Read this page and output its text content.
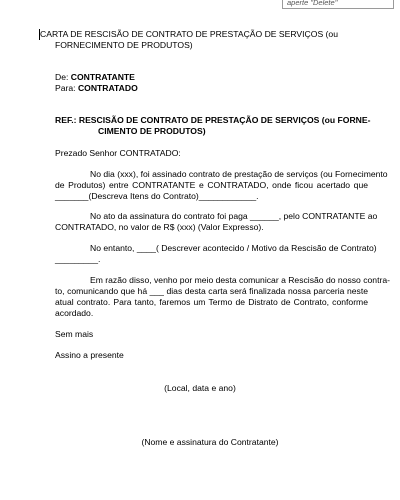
aperte "Delete"
CARTA DE RESCISÃO DE CONTRATO DE PRESTAÇÃO DE SERVIÇOS (ou
FORNECIMENTO DE PRODUTOS)
De: CONTRATANTE
Para: CONTRATADO
REF.: RESCISÃO DE CONTRATO DE PRESTAÇÃO DE SERVIÇOS (ou FORNE-
CIMENTO DE PRODUTOS)
Prezado Senhor CONTRATADO:
No dia (xxx), foi assinado contrato de prestação de serviços (ou Fornecimento
de Produtos) entre CONTRATANTE e CONTRATADO, onde ficou acertado que
_______(Descreva Itens do Contrato)____________.
No ato da assinatura do contrato foi paga ______, pelo CONTRATANTE ao
CONTRATADO, no valor de R$ (xxx) (Valor Expresso).
No entanto, ____( Descrever acontecido / Motivo da Rescisão de Contrato)
_________.
Em razão disso, venho por meio desta comunicar a Rescisão do nosso contra-
to, comunicando que há ___ dias desta carta será finalizada nossa parceria neste
atual contrato. Para tanto, faremos um Termo de Distrato de Contrato, conforme
acordado.
Sem mais
Assino a presente
(Local, data e ano)
(Nome e assinatura do Contratante)
